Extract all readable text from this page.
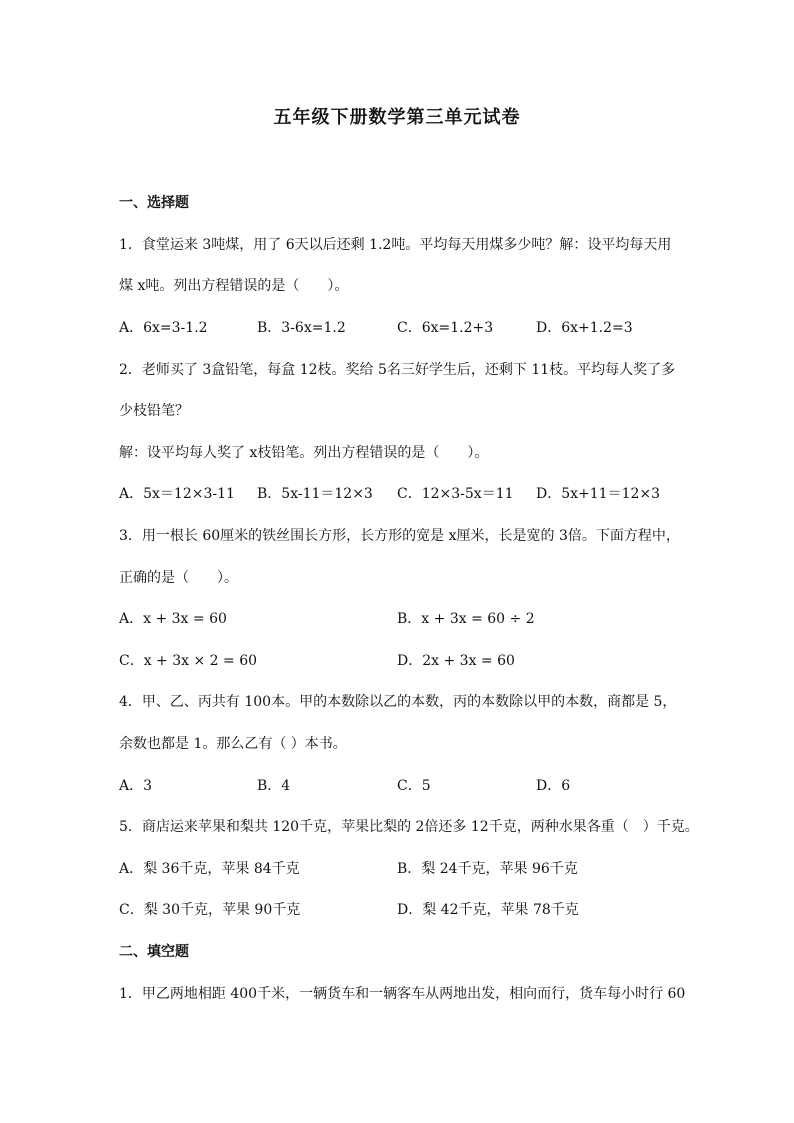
五年级下册数学第三单元试卷
一、选择题
1．食堂运来 3吨煤，用了 6天以后还剩 1.2吨。平均每天用煤多少吨？解：设平均每天用
煤 x吨。列出方程错误的是（　　）。
A．6x=3-1.2	B．3-6x=1.2	C．6x=1.2+3	D．6x+1.2=3
2．老师买了 3盒铅笔，每盒 12枝。奖给 5名三好学生后，还剩下 11枝。平均每人奖了多
少枝铅笔？
解：设平均每人奖了 x枝铅笔。列出方程错误的是（　　）。
A．5x＝12×3-11 B．5x-11＝12×3 C．12×3-5x＝11 D．5x+11＝12×3
3．用一根长 60厘米的铁丝围长方形，长方形的宽是 x厘米，长是宽的 3倍。下面方程中，
正确的是（　　）。
A．x + 3x = 60	B．x + 3x = 60 ÷ 2
C．x + 3x × 2 = 60	D．2x + 3x = 60
4．甲、乙、丙共有 100本。甲的本数除以乙的本数，丙的本数除以甲的本数，商都是 5，
余数也都是 1。那么乙有（ ）本书。
A．3	B．4	C．5	D．6
5．商店运来苹果和梨共 120千克，苹果比梨的 2倍还多 12千克，两种水果各重（　）千克。
A．梨 36千克，苹果 84千克	B．梨 24千克，苹果 96千克
C．梨 30千克，苹果 90千克	D．梨 42千克，苹果 78千克
二、填空题
1．甲乙两地相距 400千米，一辆货车和一辆客车从两地出发，相向而行，货车每小时行 60
